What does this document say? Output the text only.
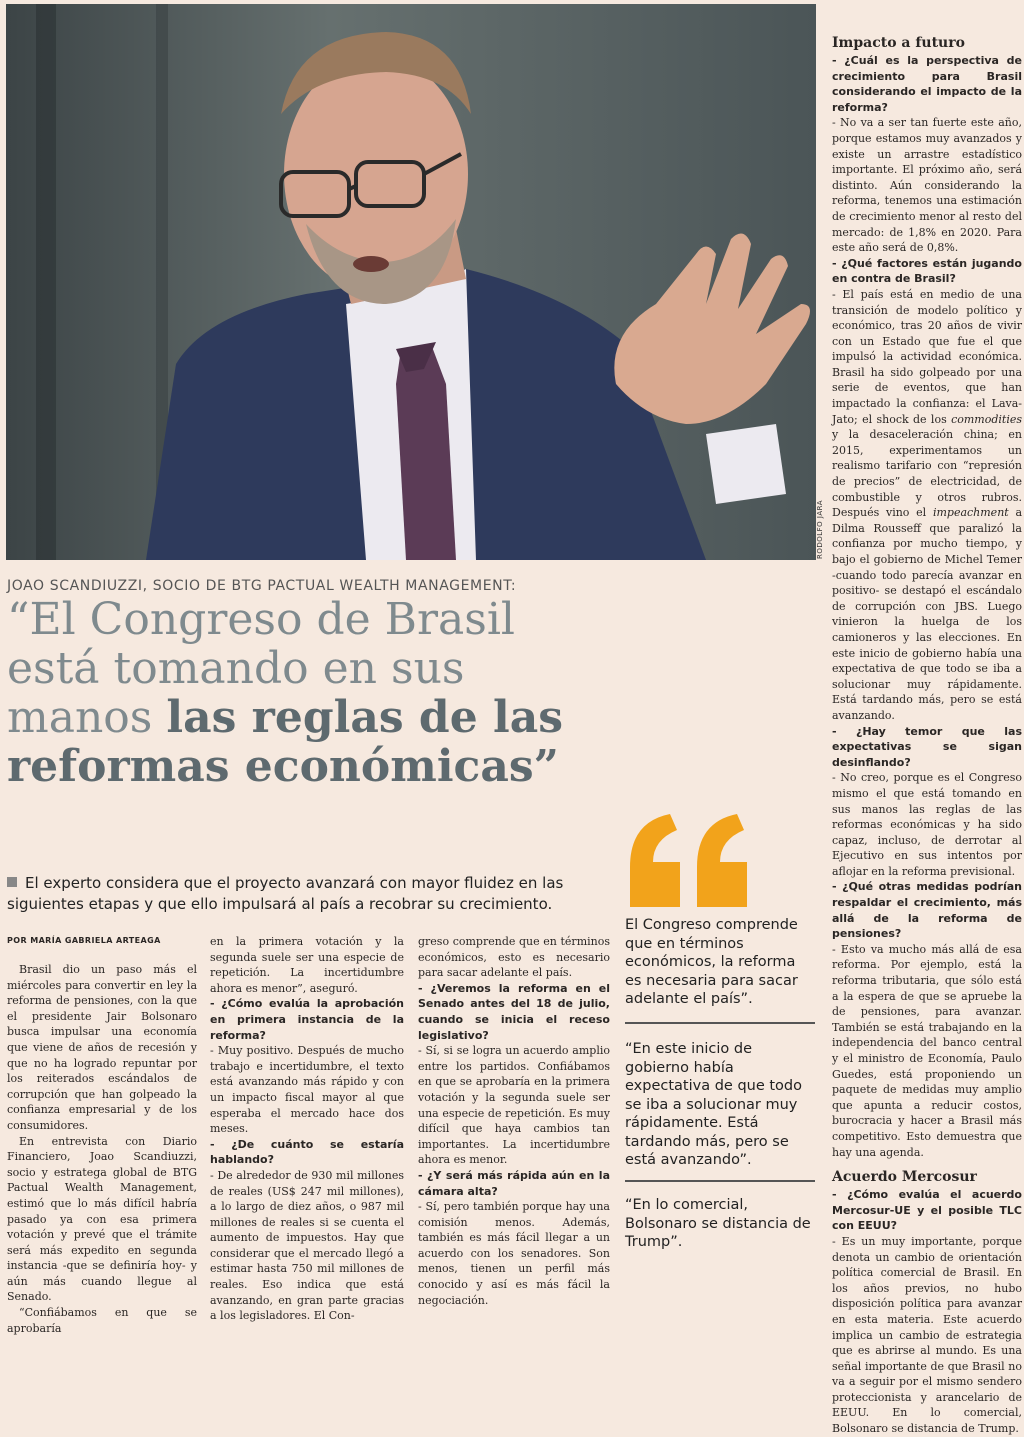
RODOLFO JARA
JOAO SCANDIUZZI, SOCIO DE BTG PACTUAL WEALTH MANAGEMENT:
“El Congreso de Brasil
está tomando en sus
manos las reglas de las
reformas económicas”
El experto considera que el proyecto avanzará con mayor fluidez en las siguientes etapas y que ello impulsará al país a recobrar su crecimiento.
POR MARÍA GABRIELA ARTEAGA

Brasil dio un paso más el miércoles para convertir en ley la reforma de pensiones, con la que el presidente Jair Bolsonaro busca impulsar una economía que viene de años de recesión y que no ha logrado repuntar por los reiterados escándalos de corrupción que han golpeado la confianza empresarial y de los consumidores.

En entrevista con Diario Financiero, Joao Scandiuzzi, socio y estratega global de BTG Pactual Wealth Management, estimó que lo más difícil habría pasado ya con esa primera votación y prevé que el trámite será más expedito en segunda instancia -que se definiría hoy- y aún más cuando llegue al Senado.

“Confiábamos en que se aprobaría

en la primera votación y la segunda suele ser una especie de repetición. La incertidumbre ahora es menor”, aseguró.

- ¿Cómo evalúa la aprobación en primera instancia de la reforma?

- Muy positivo. Después de mucho trabajo e incertidumbre, el texto está avanzando más rápido y con un impacto fiscal mayor al que esperaba el mercado hace dos meses.

- ¿De cuánto se estaría hablando?

- De alrededor de 930 mil millones de reales (US$ 247 mil millones), a lo largo de diez años, o 987 mil millones de reales si se cuenta el aumento de impuestos. Hay que considerar que el mercado llegó a estimar hasta 750 mil millones de reales. Eso indica que está avanzando, en gran parte gracias a los legisladores. El Con-

greso comprende que en términos económicos, esto es necesario para sacar adelante el país.

- ¿Veremos la reforma en el Senado antes del 18 de julio, cuando se inicia el receso legislativo?

- Sí, si se logra un acuerdo amplio entre los partidos. Confiábamos en que se aprobaría en la primera votación y la segunda suele ser una especie de repetición. Es muy difícil que haya cambios tan importantes. La incertidumbre ahora es menor.

- ¿Y será más rápida aún en la cámara alta?

- Sí, pero también porque hay una comisión menos. Además, también es más fácil llegar a un acuerdo con los senadores. Son menos, tienen un perfil más conocido y así es más fácil la negociación.

El Congreso comprende que en términos económicos, la reforma es necesaria para sacar adelante el país”.
“En este inicio de gobierno había expectativa de que todo se iba a solucionar muy rápidamente. Está tardando más, pero se está avanzando”.
“En lo comercial, Bolsonaro se distancia de Trump”.
Impacto a futuro

- ¿Cuál es la perspectiva de crecimiento para Brasil considerando el impacto de la reforma?

- No va a ser tan fuerte este año, porque estamos muy avanzados y existe un arrastre estadístico importante. El próximo año, será distinto. Aún considerando la reforma, tenemos una estimación de crecimiento menor al resto del mercado: de 1,8% en 2020. Para este año será de 0,8%.

- ¿Qué factores están jugando en contra de Brasil?

- El país está en medio de una transición de modelo político y económico, tras 20 años de vivir con un Estado que fue el que impulsó la actividad económica. Brasil ha sido golpeado por una serie de eventos, que han impactado la confianza: el Lava-Jato; el shock de los commodities y la desaceleración china; en 2015, experimentamos un realismo tarifario con “represión de precios” de electricidad, de combustible y otros rubros. Después vino el impeachment a Dilma Rousseff que paralizó la confianza por mucho tiempo, y bajo el gobierno de Michel Temer -cuando todo parecía avanzar en positivo- se destapó el escándalo de corrupción con JBS. Luego vinieron la huelga de los camioneros y las elecciones. En este inicio de gobierno había una expectativa de que todo se iba a solucionar muy rápidamente. Está tardando más, pero se está avanzando.

- ¿Hay temor que las expectativas se sigan desinflando?

- No creo, porque es el Congreso mismo el que está tomando en sus manos las reglas de las reformas económicas y ha sido capaz, incluso, de derrotar al Ejecutivo en sus intentos por aflojar en la reforma previsional.

- ¿Qué otras medidas podrían respaldar el crecimiento, más allá de la reforma de pensiones?

- Esto va mucho más allá de esa reforma. Por ejemplo, está la reforma tributaria, que sólo está a la espera de que se apruebe la de pensiones, para avanzar. También se está trabajando en la independencia del banco central y el ministro de Economía, Paulo Guedes, está proponiendo un paquete de medidas muy amplio que apunta a reducir costos, burocracia y hacer a Brasil más competitivo. Esto demuestra que hay una agenda.

Acuerdo Mercosur

- ¿Cómo evalúa el acuerdo Mercosur-UE y el posible TLC con EEUU?

- Es un muy importante, porque denota un cambio de orientación política comercial de Brasil. En los años previos, no hubo disposición política para avanzar en esta materia. Este acuerdo implica un cambio de estrategia que es abrirse al mundo. Es una señal importante de que Brasil no va a seguir por el mismo sendero proteccionista y arancelario de EEUU. En lo comercial, Bolsonaro se distancia de Trump.
